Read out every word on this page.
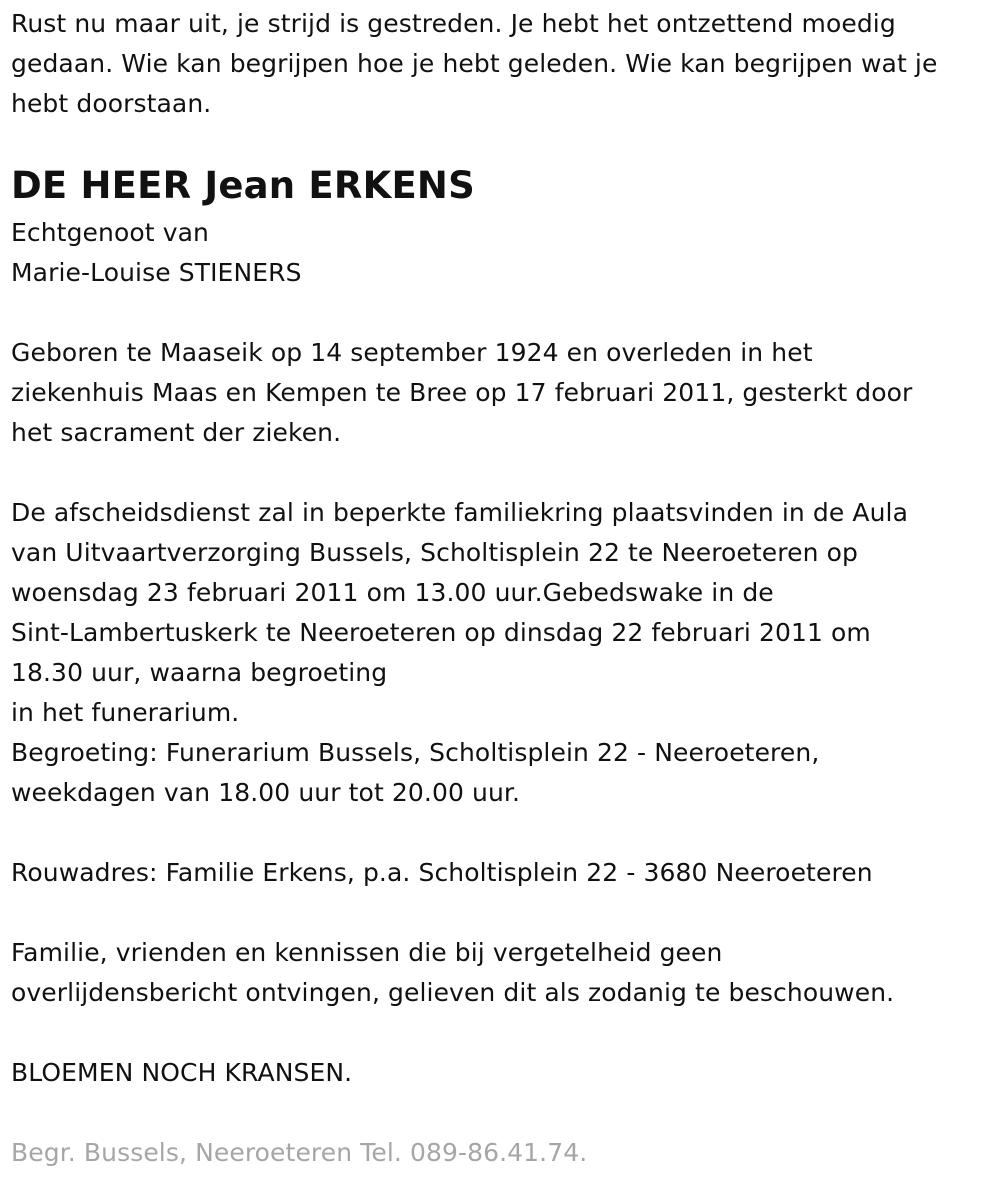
Rust nu maar uit, je strijd is gestreden. Je hebt het ontzettend moedig
gedaan. Wie kan begrijpen hoe je hebt geleden. Wie kan begrijpen wat je
hebt doorstaan.
DE HEER Jean ERKENS
Echtgenoot van
Marie-Louise STIENERS
Geboren te Maaseik op 14 september 1924 en overleden in het
ziekenhuis Maas en Kempen te Bree op 17 februari 2011, gesterkt door
het sacrament der zieken.
De afscheidsdienst zal in beperkte familiekring plaatsvinden in de Aula
van Uitvaartverzorging Bussels, Scholtisplein 22 te Neeroeteren op
woensdag 23 februari 2011 om 13.00 uur.Gebedswake in de
Sint-Lambertuskerk te Neeroeteren op dinsdag 22 februari 2011 om
18.30 uur, waarna begroeting
in het funerarium.
Begroeting: Funerarium Bussels, Scholtisplein 22 - Neeroeteren,
weekdagen van 18.00 uur tot 20.00 uur.
Rouwadres: Familie Erkens, p.a. Scholtisplein 22 - 3680 Neeroeteren
Familie, vrienden en kennissen die bij vergetelheid geen
overlijdensbericht ontvingen, gelieven dit als zodanig te beschouwen.
BLOEMEN NOCH KRANSEN.
Begr. Bussels, Neeroeteren Tel. 089-86.41.74.
